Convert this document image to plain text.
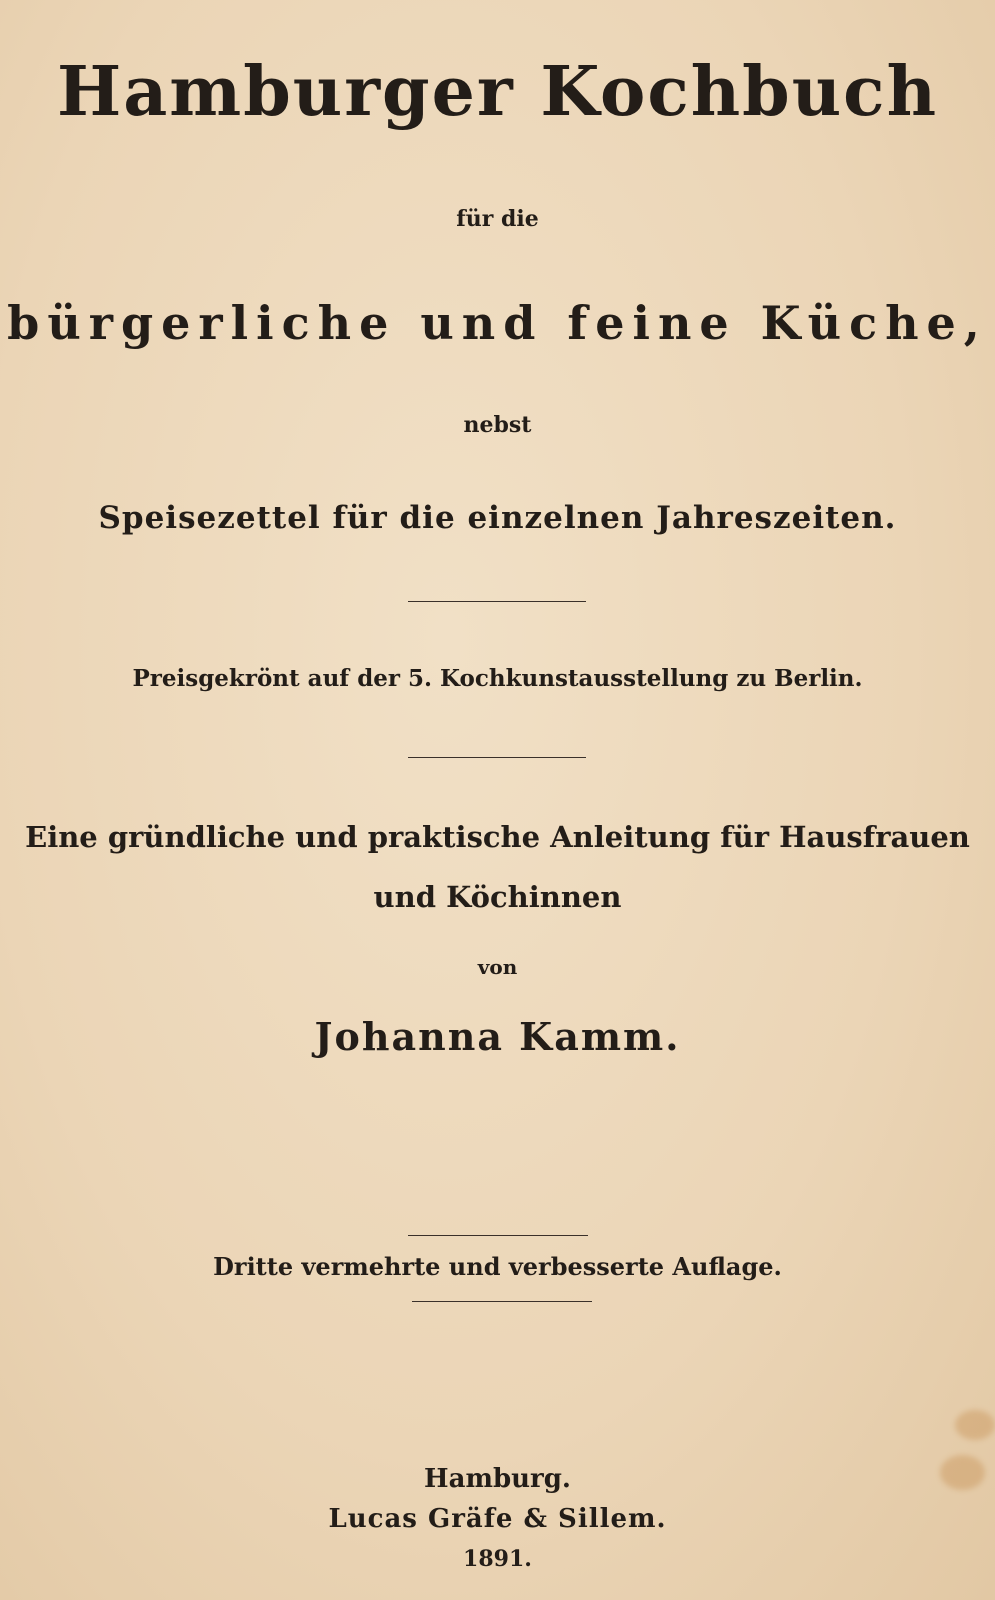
Hamburger Kochbuch
für die
bürgerliche und feine Küche,
nebst
Speisezettel für die einzelnen Jahreszeiten.
Preisgekrönt auf der 5. Kochkunstausstellung zu Berlin.
Eine gründliche und praktische Anleitung für Hausfrauen
und Köchinnen
von
Johanna Kamm.
Dritte vermehrte und verbesserte Auflage.
Hamburg.
Lucas Gräfe & Sillem.
1891.
